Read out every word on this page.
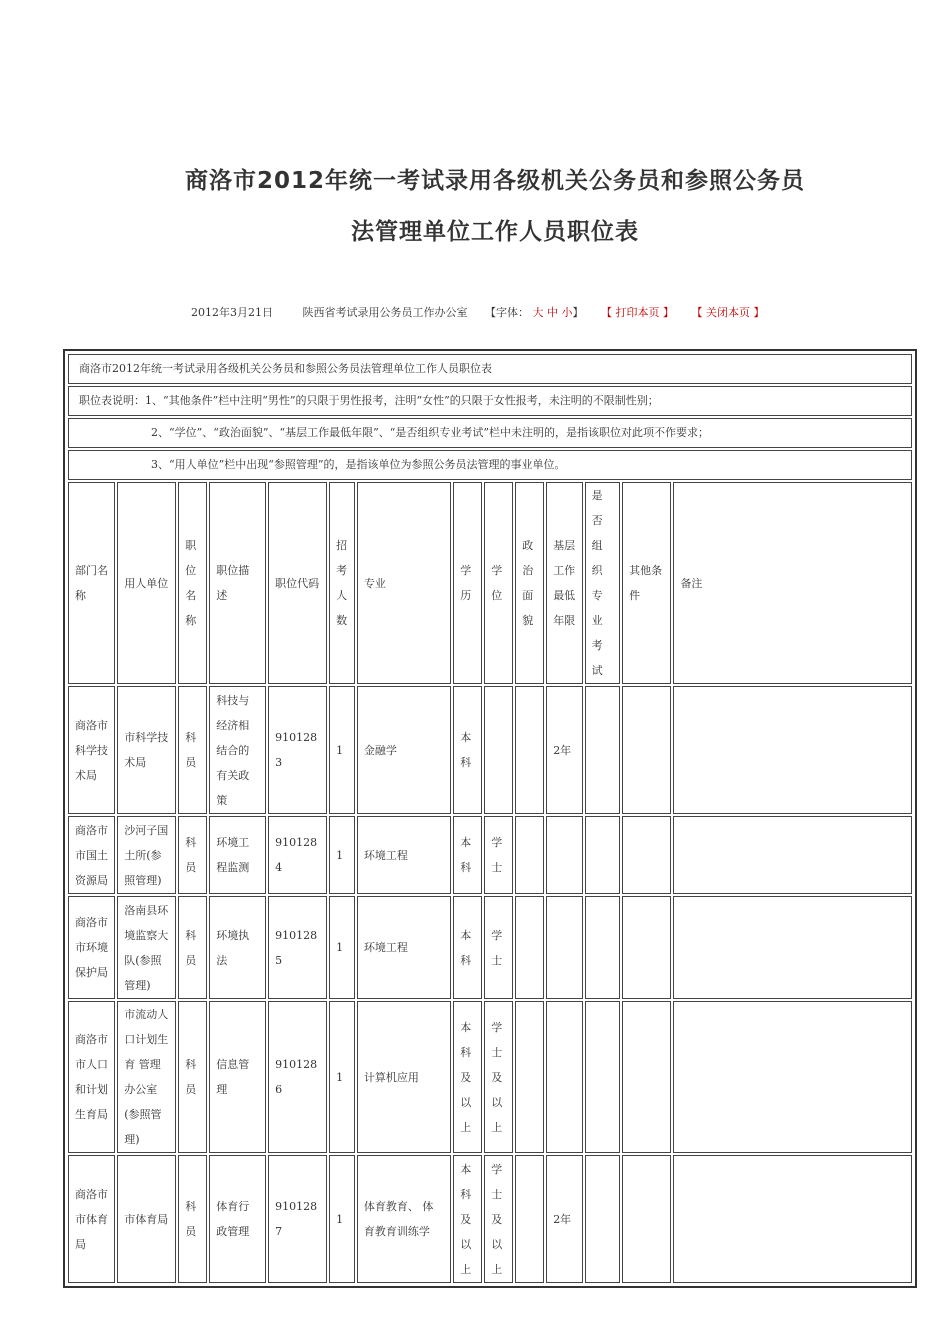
商洛市2012年统一考试录用各级机关公务员和参照公务员
法管理单位工作人员职位表
2012年3月21日	陕西省考试录用公务员工作办公室 【字体： 大 中 小】 【 打印本页 】 【 关闭本页 】
商洛市2012年统一考试录用各级机关公务员和参照公务员法管理单位工作人员职位表													
职位表说明：1、“其他条件”栏中注明“男性”的只限于男性报考，注明“女性”的只限于女性报考，未注明的不限制性别；													
2、“学位”、“政治面貌”、“基层工作最低年限”、“是否组织专业考试”栏中未注明的，是指该职位对此项不作要求；													
3、“用人单位”栏中出现“参照管理”的，是指该单位为参照公务员法管理的事业单位。													
部门名称	用人单位	职位名称	职位描述	职位代码	招考人数	专业	学历	学位	政治面貌	基层工作最低年限	是否组织专业考试	其他条件	备注
商洛市科学技术局	市科学技术局	科员	科技与经济相结合的有关政策	9101283	1	金融学	本科			2年			
商洛市市国土资源局	沙河子国土所(参照管理)	科员	环境工程监测	9101284	1	环境工程	本科	学士					
商洛市市环境保护局	洛南县环境监察大队(参照管理)	科员	环境执法	9101285	1	环境工程	本科	学士					
商洛市市人口和计划生育局	市流动人口计划生育 管理办公室(参照管理)	科员	信息管理	9101286	1	计算机应用	本科及以上	学士及以上					
商洛市市体育局	市体育局	科员	体育行政管理	9101287	1	体育教育、 体育教育训练学	本科及以上	学士及以上		2年			
